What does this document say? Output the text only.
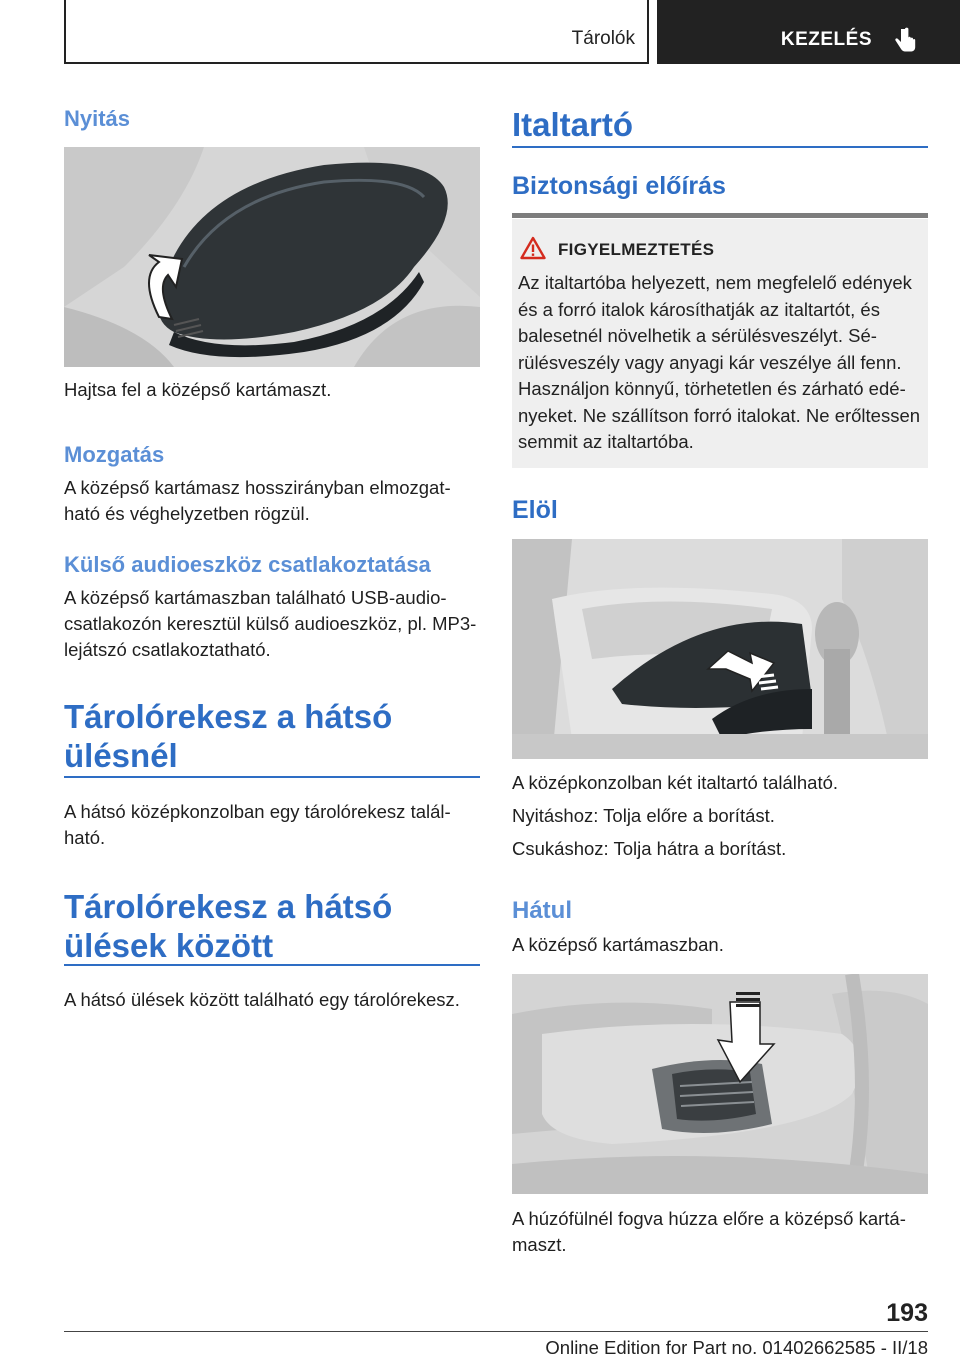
Tárolók	KEZELÉS
Nyitás

Hajtsa fel a középső kartámaszt.

Mozgatás

A középső kartámasz hosszirányban elmozgatható és véghelyzetben rögzül.

Külső audioeszköz csatlakoztatása

A középső kartámaszban található USB-audio-csatlakozón keresztül külső audioeszköz, pl. MP3-lejátszó csatlakoztatható.

Tárolórekesz a hátsó
ülésnél

A hátsó középkonzolban egy tárolórekesz található.

Tárolórekesz a hátsó
ülések között

A hátsó ülések között található egy tárolórekesz.

Italtartó
Biztonsági előírás
FIGYELMEZTETÉS
Az italtartóba helyezett, nem megfelelő edények és a forró italok károsíthatják az italtartót, és balesetnél növelhetik a sérülésveszélyt. Sérülésveszély vagy anyagi kár veszélye áll fenn. Használjon könnyű, törhetetlen és zárható edényeket. Ne szállítson forró italokat. Ne erőltessen semmit az italtartóba.
Elöl

A középkonzolban két italtartó található.

Nyitáshoz: Tolja előre a borítást.

Csukáshoz: Tolja hátra a borítást.

Hátul

A középső kartámaszban.

A húzófülnél fogva húzza előre a középső kartámaszt.

193
Online Edition for Part no. 01402662585 - II/18
